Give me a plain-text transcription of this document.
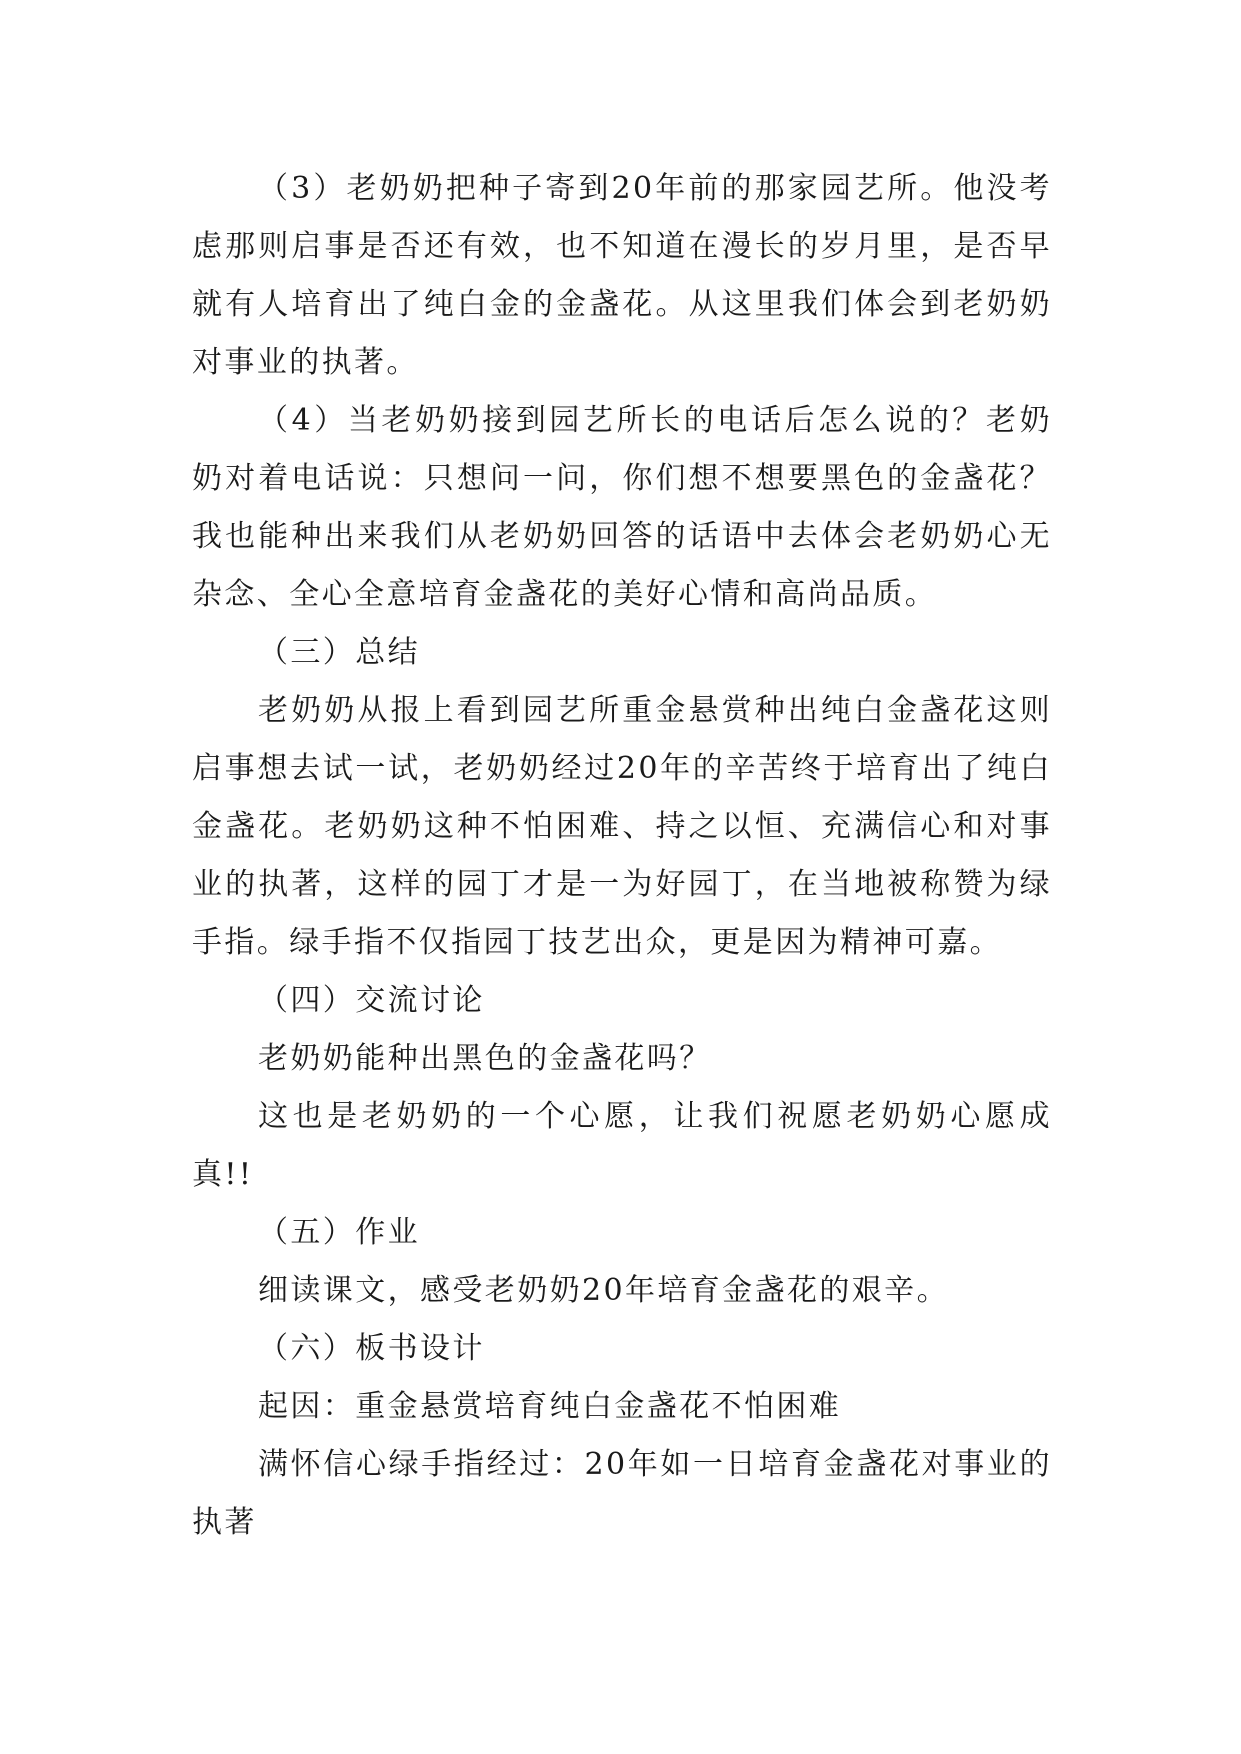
（3）老奶奶把种子寄到20年前的那家园艺所。他没考虑那则启事是否还有效，也不知道在漫长的岁月里，是否早就有人培育出了纯白金的金盏花。从这里我们体会到老奶奶对事业的执著。

（4）当老奶奶接到园艺所长的电话后怎么说的？老奶奶对着电话说：只想问一问，你们想不想要黑色的金盏花？我也能种出来我们从老奶奶回答的话语中去体会老奶奶心无杂念、全心全意培育金盏花的美好心情和高尚品质。

（三）总结

老奶奶从报上看到园艺所重金悬赏种出纯白金盏花这则启事想去试一试，老奶奶经过20年的辛苦终于培育出了纯白金盏花。老奶奶这种不怕困难、持之以恒、充满信心和对事业的执著，这样的园丁才是一为好园丁，在当地被称赞为绿手指。绿手指不仅指园丁技艺出众，更是因为精神可嘉。

（四）交流讨论

老奶奶能种出黑色的金盏花吗？

这也是老奶奶的一个心愿，让我们祝愿老奶奶心愿成真!!

（五）作业

细读课文，感受老奶奶20年培育金盏花的艰辛。

（六）板书设计

起因：重金悬赏培育纯白金盏花不怕困难

满怀信心绿手指经过：20年如一日培育金盏花对事业的执著
